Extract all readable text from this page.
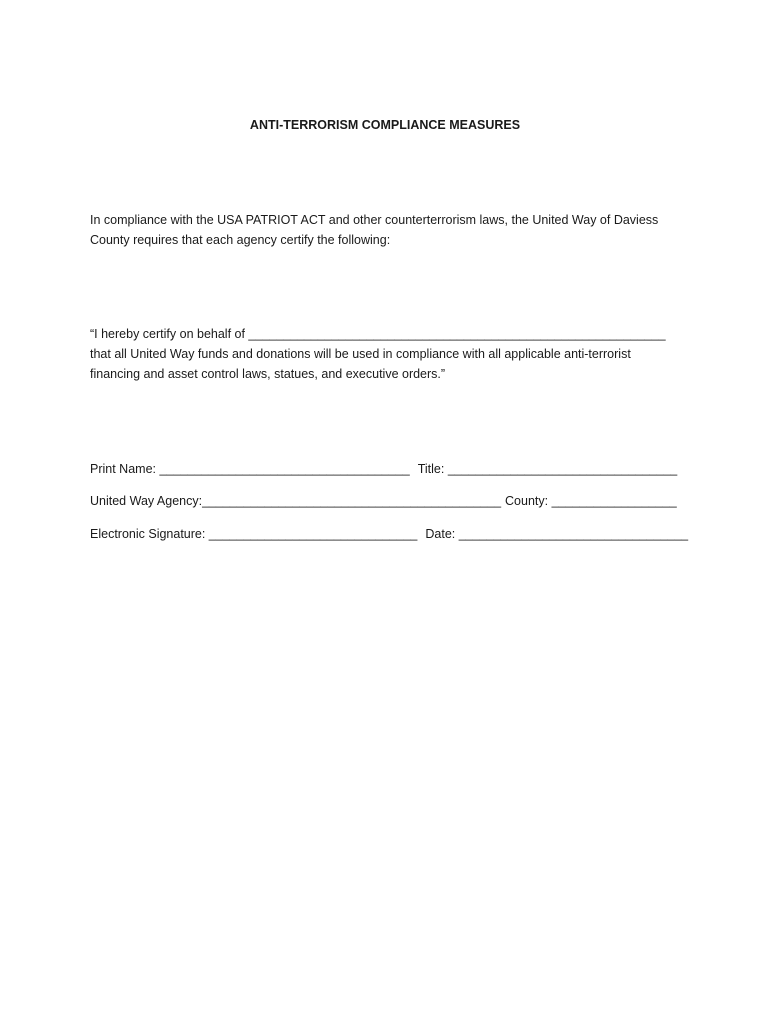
ANTI-TERRORISM COMPLIANCE MEASURES
In compliance with the USA PATRIOT ACT and other counterterrorism laws, the United Way of Daviess
County requires that each agency certify the following:
“I hereby certify on behalf of ____________________________________________________________
that all United Way funds and donations will be used in compliance with all applicable anti-terrorist
financing and asset control laws, statues, and executive orders.”
Print Name: ____________________________________ Title: _________________________________
United Way Agency:___________________________________________ County: __________________
Electronic Signature: ______________________________ Date: _________________________________
